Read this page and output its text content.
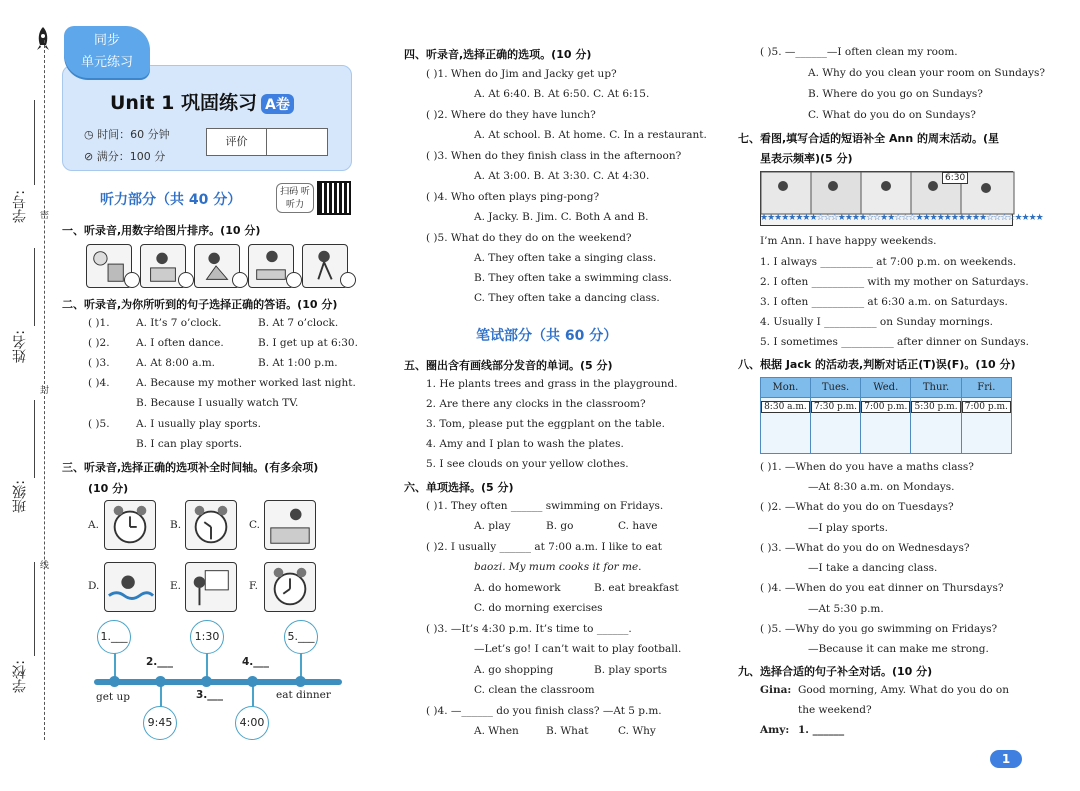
学号:
姓名:
班级:
学校:
密
封
线
同步
单元练习
Unit 1 巩固练习 A卷
◷ 时间：60 分钟
⊘ 满分：100 分
评价
听力部分（共 40 分）	扫码 听听力
一、听录音,用数字给图片排序。(10 分)
二、听录音,为你所听到的句子选择正确的答语。(10 分)
( )1.	A. It’s 7 o’clock.	B. At 7 o’clock.
( )2.	A. I often dance.	B. I get up at 6:30.
( )3.	A. At 8:00 a.m.	B. At 1:00 p.m.
( )4.	A. Because my mother worked last night.
B. Because I usually watch TV.
( )5.	A. I usually play sports.
B. I can play sports.
三、听录音,选择正确的选项补全时间轴。(有多余项)
(10 分)
A.	B.	C.
D.	E.	F.
1.___	1:30	5.___
2.___	4.___
get up	3.___	eat dinner
9:45	4:00
四、听录音,选择正确的选项。(10 分)
( )1. When do Jim and Jacky get up?
A. At 6:40. B. At 6:50. C. At 6:15.
( )2. Where do they have lunch?
A. At school. B. At home. C. In a restaurant.
( )3. When do they finish class in the afternoon?
A. At 3:00. B. At 3:30. C. At 4:30.
( )4. Who often plays ping-pong?
A. Jacky. B. Jim. C. Both A and B.
( )5. What do they do on the weekend?
A. They often take a singing class.
B. They often take a swimming class.
C. They often take a dancing class.
笔试部分（共 60 分）
五、圈出含有画线部分发音的单词。(5 分)
1. He plants trees and grass in the playground.
2. Are there any clocks in the classroom?
3. Tom, please put the eggplant on the table.
4. Amy and I plan to wash the plates.
5. I see clouds on your yellow clothes.
六、单项选择。(5 分)
( )1. They often ______ swimming on Fridays.
A. play	B. go	C. have
( )2. I usually ______ at 7:00 a.m. I like to eat
baozi. My mum cooks it for me.
A. do homework	B. eat breakfast
C. do morning exercises
( )3. —It’s 4:30 p.m. It’s time to ______.
—Let’s go! I can’t wait to play football.
A. go shopping	B. play sports
C. clean the classroom
( )4. —______ do you finish class? —At 5 p.m.
A. When	B. What	C. Why
( )5. —______—I often clean my room.
A. Why do you clean your room on Sundays?
B. Where do you go on Sundays?
C. What do you do on Sundays?
七、看图,填写合适的短语补全 Ann 的周末活动。(星
星表示频率)(5 分)
6:30
★★★★★★★★☆☆☆★★★★☆☆★★☆☆☆★★★★★★★★★★☆☆☆☆★★★★
I’m Ann. I have happy weekends.
1. I always __________ at 7:00 p.m. on weekends.
2. I often __________ with my mother on Saturdays.
3. I often __________ at 6:30 a.m. on Saturdays.
4. Usually I __________ on Sunday mornings.
5. I sometimes __________ after dinner on Sundays.
八、根据 Jack 的活动表,判断对话正(T)误(F)。(10 分)
Mon.	Tues.	Wed.	Thur.	Fri.
8:30 a.m.	7:30 p.m.	7:00 p.m.	5:30 p.m.	7:00 p.m.
( )1. —When do you have a maths class?
—At 8:30 a.m. on Mondays.
( )2. —What do you do on Tuesdays?
—I play sports.
( )3. —What do you do on Wednesdays?
—I take a dancing class.
( )4. —When do you eat dinner on Thursdays?
—At 5:30 p.m.
( )5. —Why do you go swimming on Fridays?
—Because it can make me strong.
九、选择合适的句子补全对话。(10 分)
Gina: Good morning, Amy. What do you do on
the weekend?
Amy: 1. ______
1
